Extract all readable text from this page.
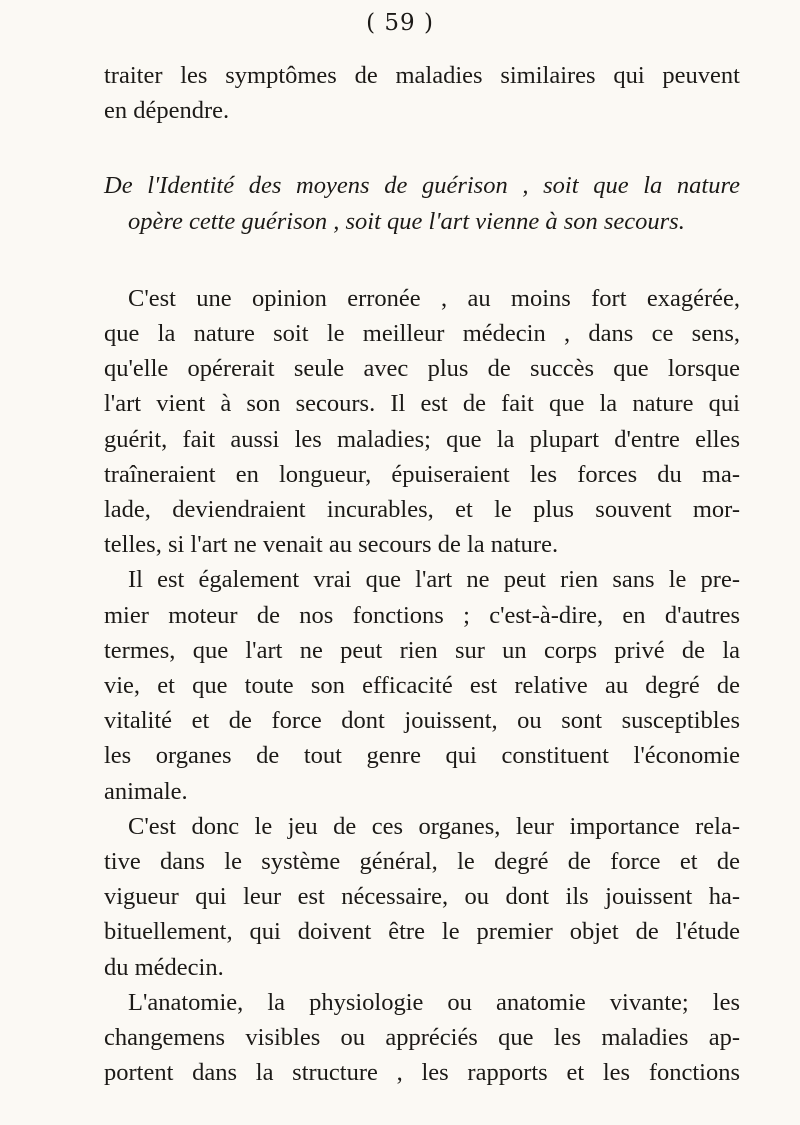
( 59 )

traiter les symptômes de maladies similaires qui peuvent
en dépendre.

De l'Identité des moyens de guérison , soit que la nature
opère cette guérison , soit que l'art vienne à son secours.

C'est une opinion erronée , au moins fort exagérée,
que la nature soit le meilleur médecin , dans ce sens,
qu'elle opérerait seule avec plus de succès que lorsque
l'art vient à son secours. Il est de fait que la nature qui
guérit, fait aussi les maladies; que la plupart d'entre elles
traîneraient en longueur, épuiseraient les forces du ma-
lade, deviendraient incurables, et le plus souvent mor-
telles, si l'art ne venait au secours de la nature.

Il est également vrai que l'art ne peut rien sans le pre-
mier moteur de nos fonctions ; c'est-à-dire, en d'autres
termes, que l'art ne peut rien sur un corps privé de la
vie, et que toute son efficacité est relative au degré de
vitalité et de force dont jouissent, ou sont susceptibles
les organes de tout genre qui constituent l'économie
animale.

C'est donc le jeu de ces organes, leur importance rela-
tive dans le système général, le degré de force et de
vigueur qui leur est nécessaire, ou dont ils jouissent ha-
bituellement, qui doivent être le premier objet de l'étude
du médecin.

L'anatomie, la physiologie ou anatomie vivante; les
changemens visibles ou appréciés que les maladies ap-
portent dans la structure , les rapports et les fonctions
